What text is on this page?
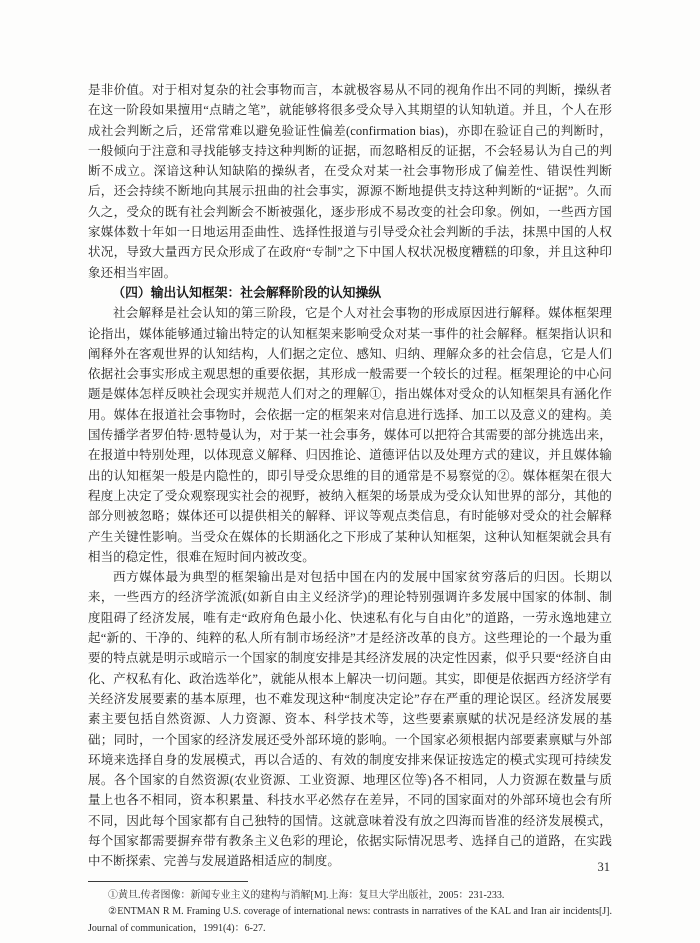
是非价值。对于相对复杂的社会事物而言，本就极容易从不同的视角作出不同的判断，操纵者在这一阶段如果擅用“点睛之笔”，就能够将很多受众导入其期望的认知轨道。并且，个人在形成社会判断之后，还常常难以避免验证性偏差(confirmation bias)，亦即在验证自己的判断时，一般倾向于注意和寻找能够支持这种判断的证据，而忽略相反的证据，不会轻易认为自己的判断不成立。深谙这种认知缺陷的操纵者，在受众对某一社会事物形成了偏差性、错误性判断后，还会持续不断地向其展示扭曲的社会事实，源源不断地提供支持这种判断的“证据”。久而久之，受众的既有社会判断会不断被强化，逐步形成不易改变的社会印象。例如，一些西方国家媒体数十年如一日地运用歪曲性、选择性报道与引导受众社会判断的手法，抹黑中国的人权状况，导致大量西方民众形成了在政府“专制”之下中国人权状况极度糟糕的印象，并且这种印象还相当牢固。

（四）输出认知框架：社会解释阶段的认知操纵

社会解释是社会认知的第三阶段，它是个人对社会事物的形成原因进行解释。媒体框架理论指出，媒体能够通过输出特定的认知框架来影响受众对某一事件的社会解释。框架指认识和阐释外在客观世界的认知结构，人们据之定位、感知、归纳、理解众多的社会信息，它是人们依据社会事实形成主观思想的重要依据，其形成一般需要一个较长的过程。框架理论的中心问题是媒体怎样反映社会现实并规范人们对之的理解①，指出媒体对受众的认知框架具有涵化作用。媒体在报道社会事物时，会依据一定的框架来对信息进行选择、加工以及意义的建构。美国传播学者罗伯特·恩特曼认为，对于某一社会事务，媒体可以把符合其需要的部分挑选出来，在报道中特别处理，以体现意义解释、归因推论、道德评估以及处理方式的建议，并且媒体输出的认知框架一般是内隐性的，即引导受众思维的目的通常是不易察觉的②。媒体框架在很大程度上决定了受众观察现实社会的视野，被纳入框架的场景成为受众认知世界的部分，其他的部分则被忽略；媒体还可以提供相关的解释、评议等观点类信息，有时能够对受众的社会解释产生关键性影响。当受众在媒体的长期涵化之下形成了某种认知框架，这种认知框架就会具有相当的稳定性，很难在短时间内被改变。

西方媒体最为典型的框架输出是对包括中国在内的发展中国家贫穷落后的归因。长期以来，一些西方的经济学流派(如新自由主义经济学)的理论特别强调许多发展中国家的体制、制度阻碍了经济发展，唯有走“政府角色最小化、快速私有化与自由化”的道路，一劳永逸地建立起“新的、干净的、纯粹的私人所有制市场经济”才是经济改革的良方。这些理论的一个最为重要的特点就是明示或暗示一个国家的制度安排是其经济发展的决定性因素，似乎只要“经济自由化、产权私有化、政治选举化”，就能从根本上解决一切问题。其实，即便是依据西方经济学有关经济发展要素的基本原理，也不难发现这种“制度决定论”存在严重的理论误区。经济发展要素主要包括自然资源、人力资源、资本、科学技术等，这些要素禀赋的状况是经济发展的基础；同时，一个国家的经济发展还受外部环境的影响。一个国家必须根据内部要素禀赋与外部环境来选择自身的发展模式，再以合适的、有效的制度安排来保证按选定的模式实现可持续发展。各个国家的自然资源(农业资源、工业资源、地理区位等)各不相同，人力资源在数量与质量上也各不相同，资本积累量、科技水平必然存在差异，不同的国家面对的外部环境也会有所不同，因此每个国家都有自己独特的国情。这就意味着没有放之四海而皆准的经济发展模式，每个国家都需要摒弃带有教条主义色彩的理论，依据实际情况思考、选择自己的道路，在实践中不断探索、完善与发展道路相适应的制度。

①黄旦.传者图像：新闻专业主义的建构与消解[M].上海：复旦大学出版社，2005：231-233.

②ENTMAN R M. Framing U.S. coverage of international news: contrasts in narratives of the KAL and Iran air incidents[J]. Journal of communication，1991(4)：6-27.

31
